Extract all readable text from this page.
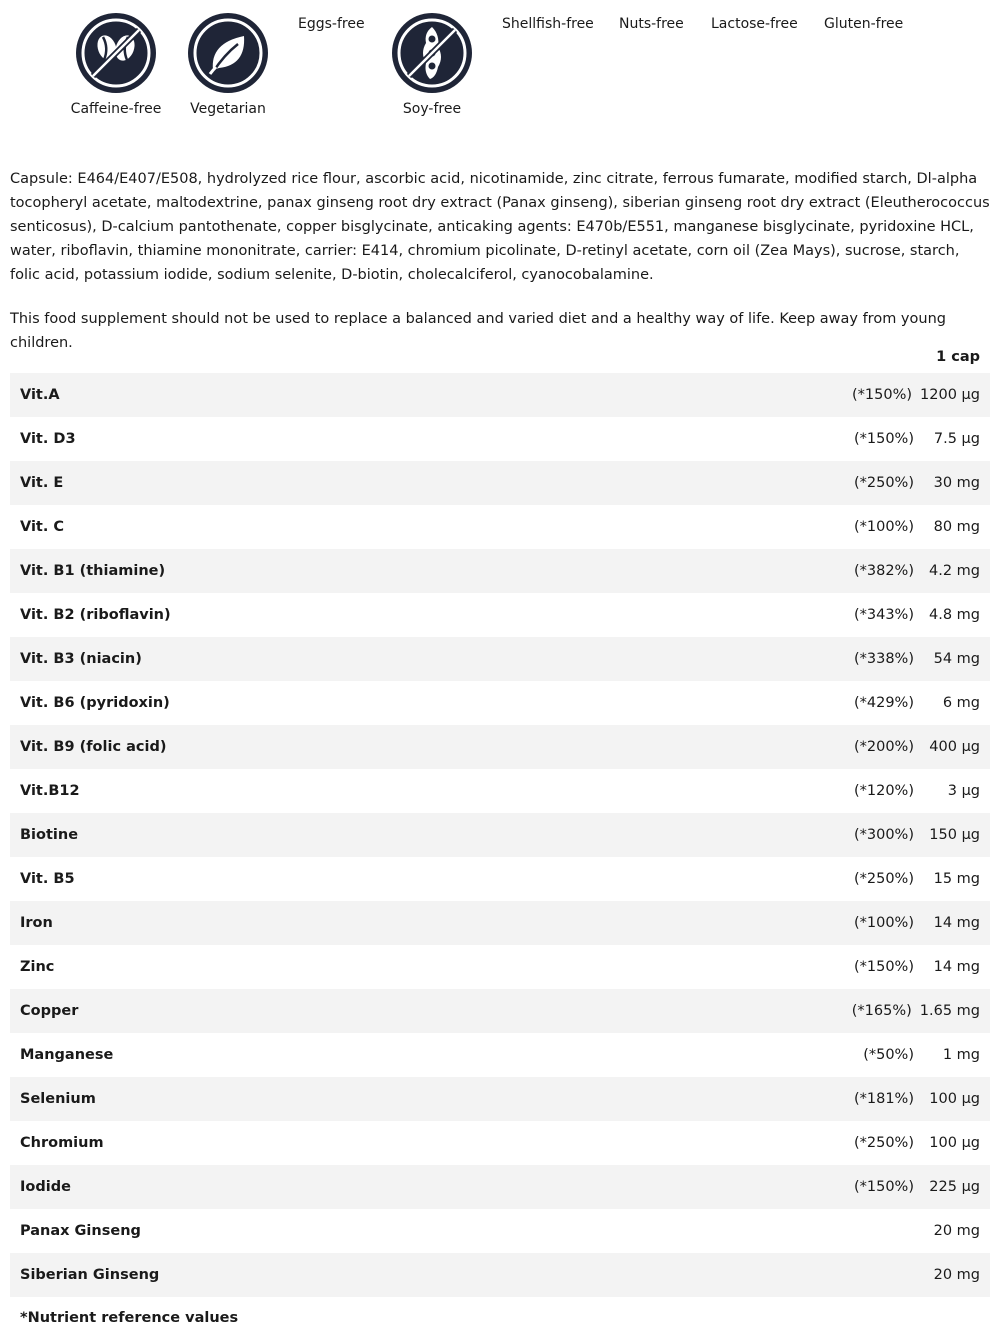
Caffeine-free	Vegetarian
Eggs-free
Soy-free
Shellfish-free Nuts-free Lactose-free Gluten-free

Capsule: E464/E407/E508, hydrolyzed rice flour, ascorbic acid, nicotinamide, zinc citrate, ferrous fumarate, modified starch, Dl-alpha tocopheryl acetate, maltodextrine, panax ginseng root dry extract (Panax ginseng), siberian ginseng root dry extract (Eleutherococcus senticosus), D-calcium pantothenate, copper bisglycinate, anticaking agents: E470b/E551, manganese bisglycinate, pyridoxine HCL, water, riboflavin, thiamine mononitrate, carrier: E414, chromium picolinate, D-retinyl acetate, corn oil (Zea Mays), sucrose, starch, folic acid, potassium iodide, sodium selenite, D-biotin, cholecalciferol, cyanocobalamine.

This food supplement should not be used to replace a balanced and varied diet and a healthy way of life. Keep away from young children.

1 cap
Vit.A	(*150%) 1200 µg
Vit. D3	(*150%)	7.5 µg
Vit. E	(*250%)	30 mg
Vit. C	(*100%)	80 mg
Vit. B1 (thiamine)	(*382%)	4.2 mg
Vit. B2 (riboflavin)	(*343%)	4.8 mg
Vit. B3 (niacin)	(*338%)	54 mg
Vit. B6 (pyridoxin)	(*429%)	6 mg
Vit. B9 (folic acid)	(*200%)	400 µg
Vit.B12	(*120%)	3 µg
Biotine	(*300%)	150 µg
Vit. B5	(*250%)	15 mg
Iron	(*100%)	14 mg
Zinc	(*150%)	14 mg
Copper	(*165%) 1.65 mg
Manganese	(*50%)	1 mg
Selenium	(*181%)	100 µg
Chromium	(*250%)	100 µg
Iodide	(*150%)	225 µg
Panax Ginseng	20 mg
Siberian Ginseng	20 mg
*Nutrient reference values
